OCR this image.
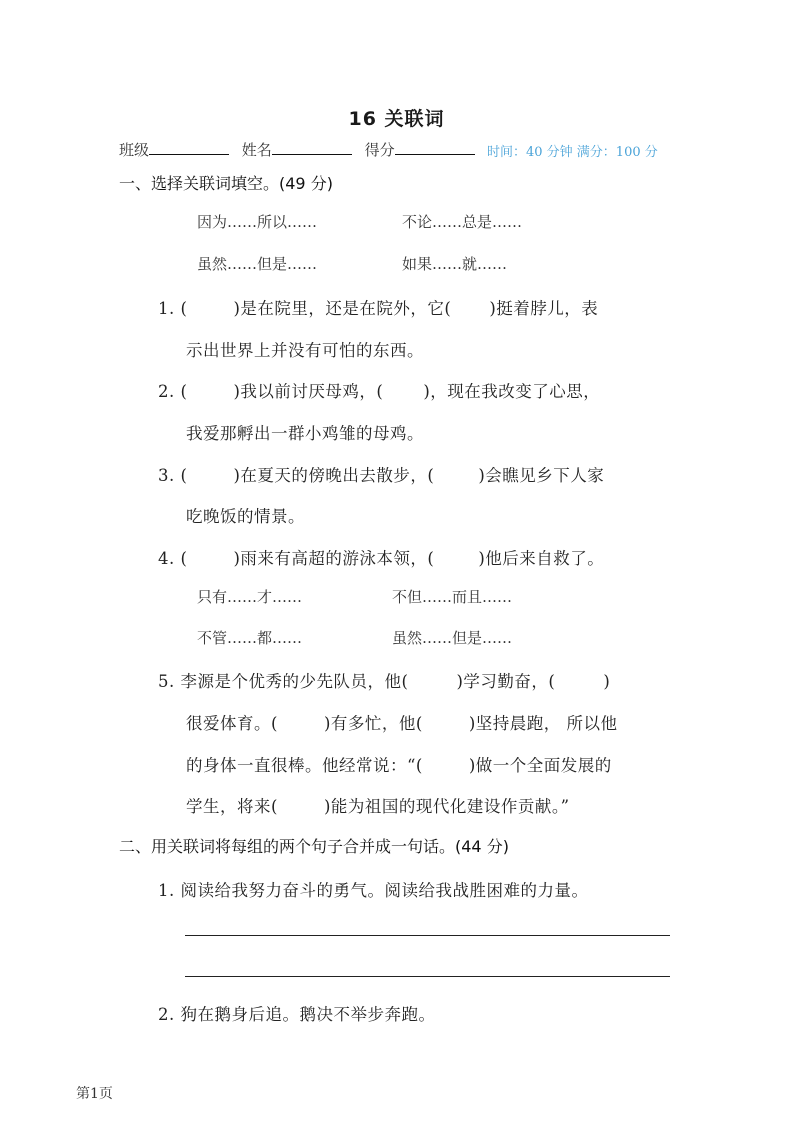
16 关联词
班级	姓名	得分	时间：40 分钟 满分：100 分
一、选择关联词填空。(49 分)
因为……所以……	不论……总是……
虽然……但是……	如果……就……
1. (	)是在院里，还是在院外，它( )挺着脖儿，表
示出世界上并没有可怕的东西。
2. (	)我以前讨厌母鸡，( )，现在我改变了心思，
我爱那孵出一群小鸡雏的母鸡。
3. (	)在夏天的傍晚出去散步，(	)会瞧见乡下人家
吃晚饭的情景。
4. (	)雨来有高超的游泳本领，(	)他后来自救了。
只有……才……	不但……而且……
不管……都……	虽然……但是……
5. 李源是个优秀的少先队员，他(	)学习勤奋，(	)
很爱体育。(	)有多忙，他(	)坚持晨跑， 所以他
的身体一直很棒。他经常说：“(	)做一个全面发展的
学生，将来(	)能为祖国的现代化建设作贡献。”
二、用关联词将每组的两个句子合并成一句话。(44 分)
1. 阅读给我努力奋斗的勇气。阅读给我战胜困难的力量。
2. 狗在鹅身后追。鹅决不举步奔跑。
第1页
